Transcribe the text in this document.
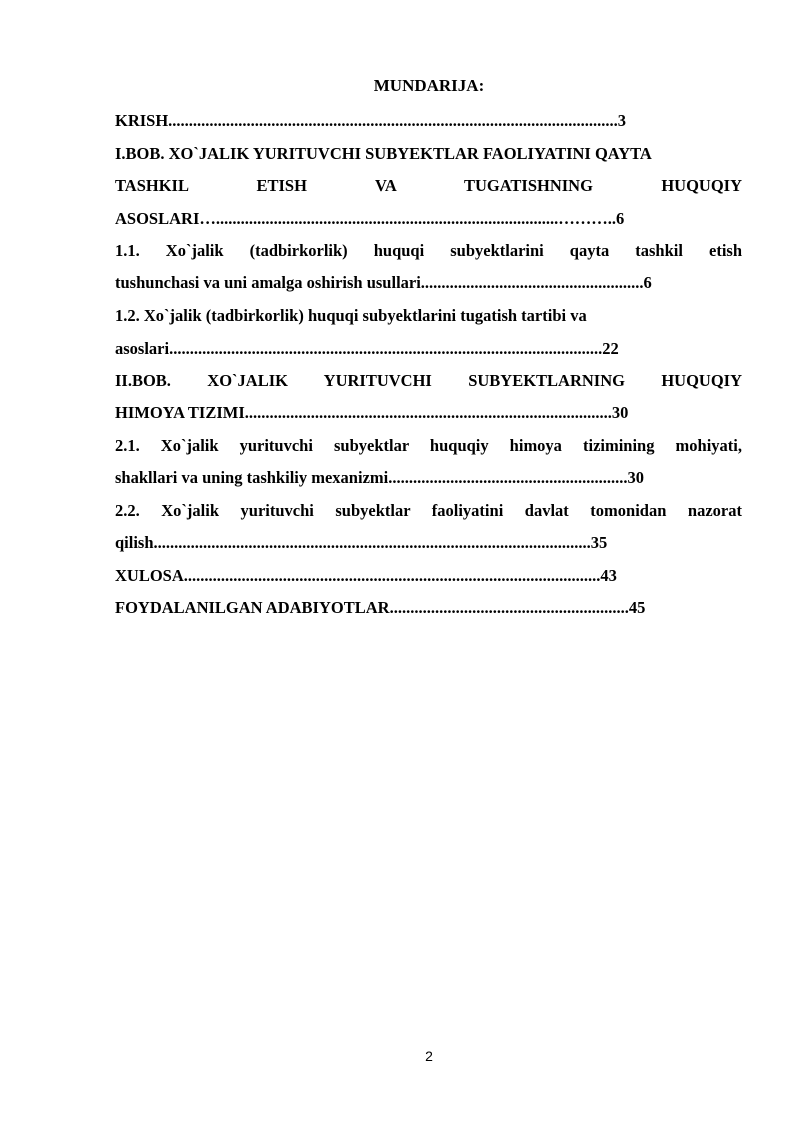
MUNDARIJA:
KRISH.............................................................................................................3
I.BOB. XO`JALIK YURITUVCHI SUBYEKTLAR FAOLIYATINI QAYTA
TASHKIL ETISH VA TUGATISHNING HUQUQIY
ASOSLARI…...................................................................................………..6
1.1. Xo`jalik (tadbirkorlik) huquqi subyektlarini qayta tashkil etish
tushunchasi va uni amalga oshirish usullari......................................................6
1.2. Xo`jalik (tadbirkorlik) huquqi subyektlarini tugatish tartibi va
asoslari.........................................................................................................22
II.BOB. XO`JALIK YURITUVCHI SUBYEKTLARNING HUQUQIY
HIMOYA TIZIMI.........................................................................................30
2.1. Xo`jalik yurituvchi subyektlar huquqiy himoya tizimining mohiyati,
shakllari va uning tashkiliy mexanizmi..........................................................30
2.2. Xo`jalik yurituvchi subyektlar faoliyatini davlat tomonidan nazorat
qilish..........................................................................................................35
XULOSA.....................................................................................................43
FOYDALANILGAN ADABIYOTLAR..........................................................45
2
